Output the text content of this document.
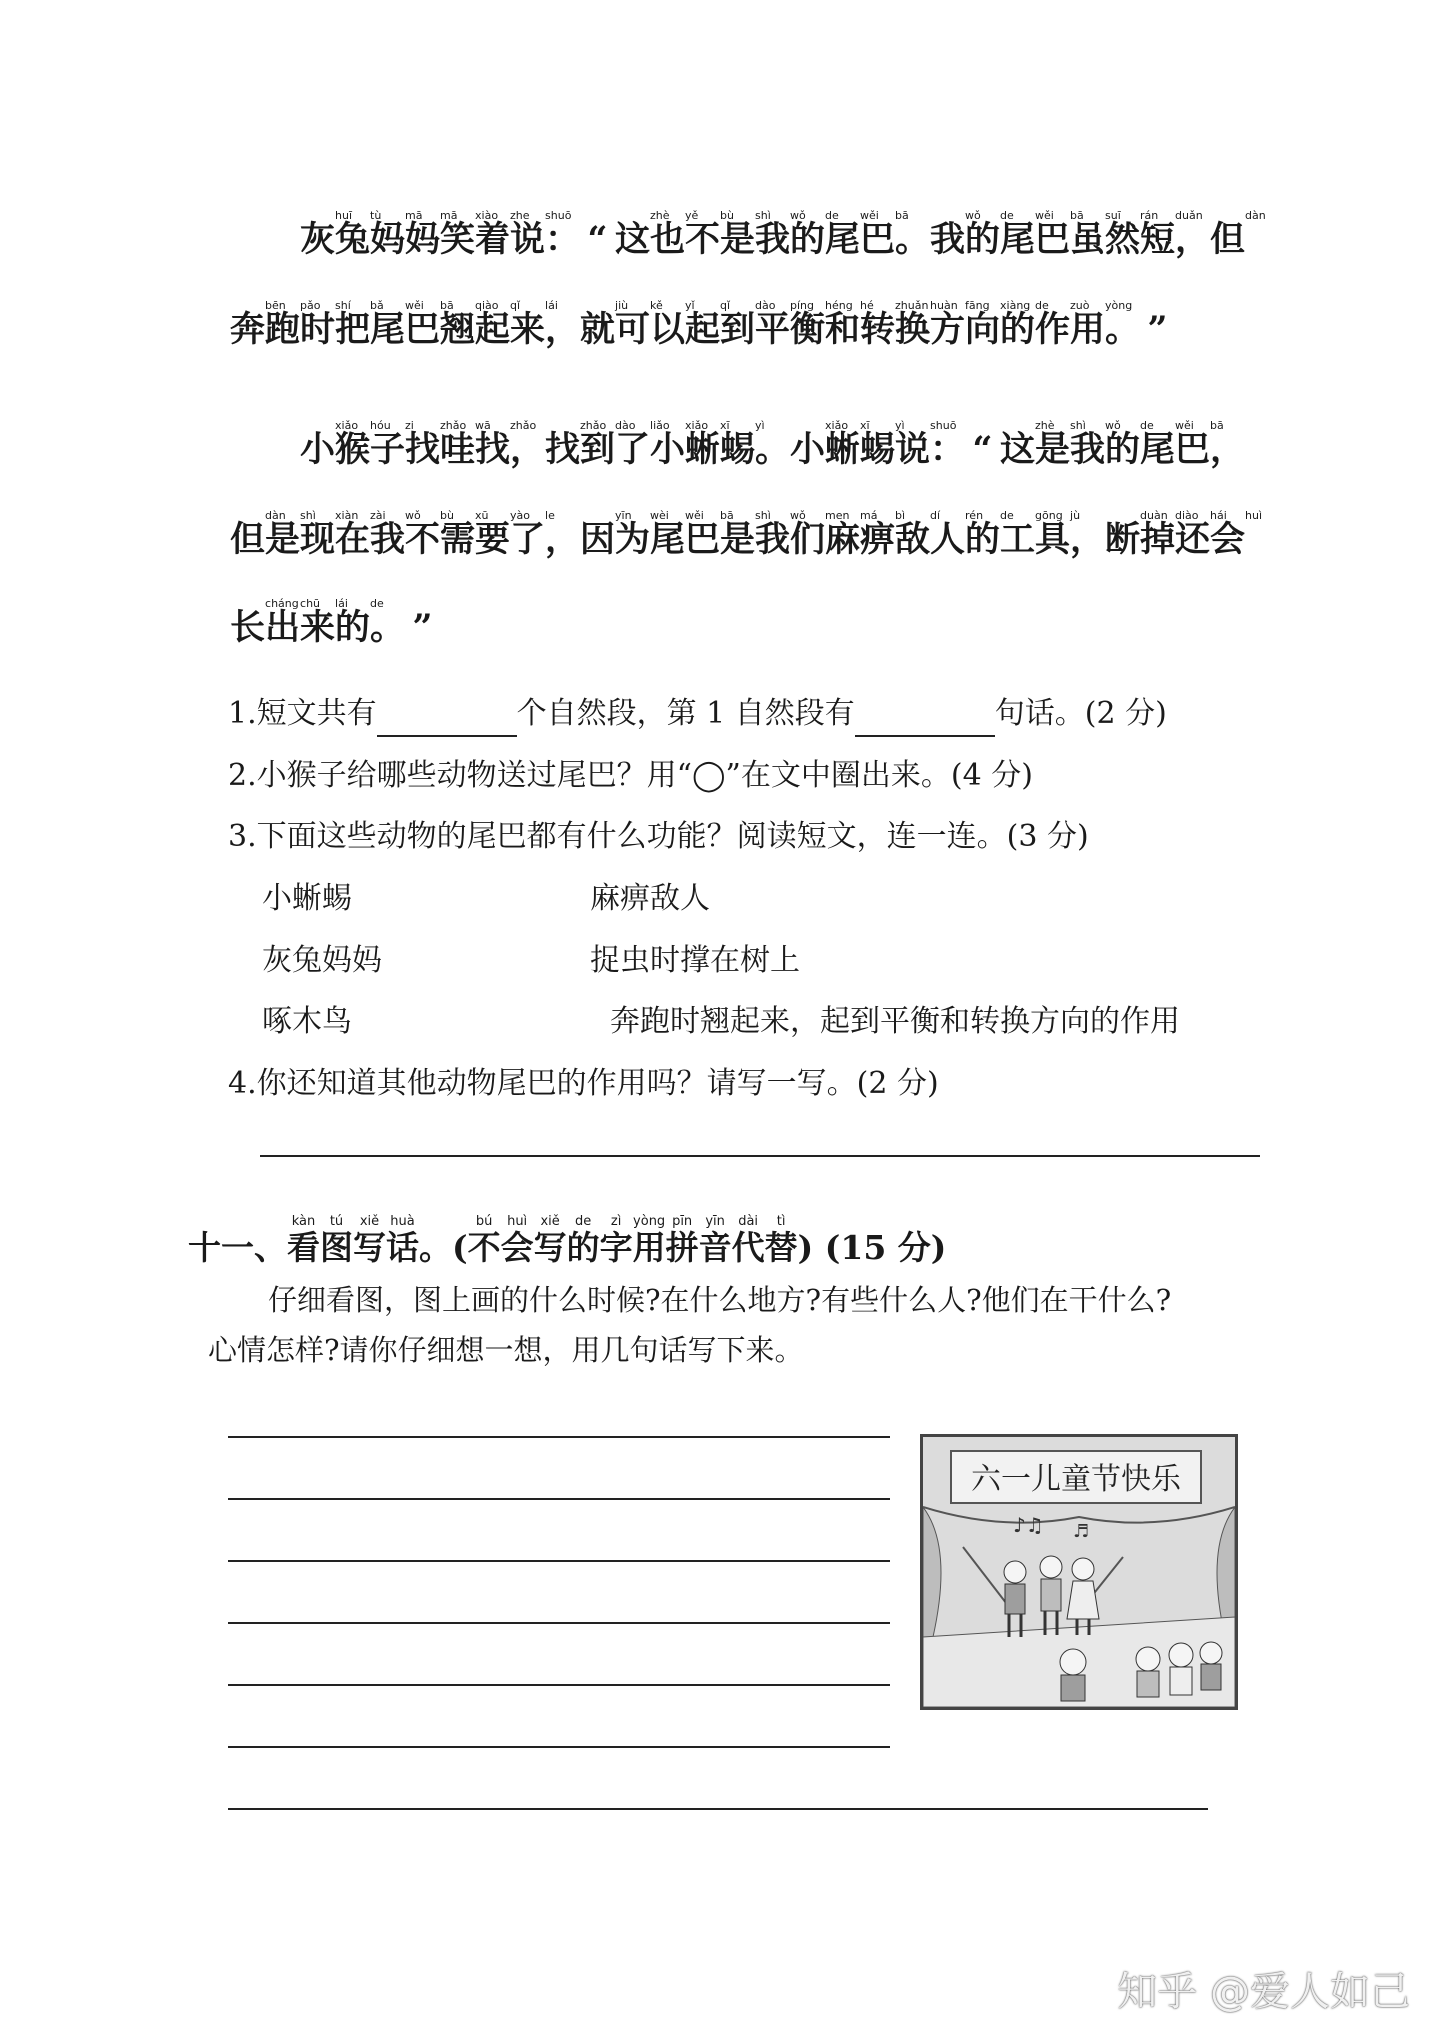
灰huī兔tù妈mā妈mā笑xiào着zhe说shuō： “ 这zhè也yě不bù是shì我wǒ的de尾wěi巴bā。我wǒ的de尾wěi巴bā虽suī然rán短duǎn，但dàn
奔bēn跑pǎo时shí把bǎ尾wěi巴bā翘qiào起qǐ来lái，就jiù可kě以yǐ起qǐ到dào平píng衡héng和hé转zhuǎn换huàn方fāng向xiàng的de作zuò用yòng。 ”
小xiǎo猴hóu子zi找zhǎo哇wā找zhǎo，找zhǎo到dào了liǎo小xiǎo蜥xī蜴yì。小xiǎo蜥xī蜴yì说shuō： “ 这zhè是shì我wǒ的de尾wěi巴bā，
但dàn是shì现xiàn在zài我wǒ不bù需xū要yào了le，因yīn为wèi尾wěi巴bā是shì我wǒ们men麻má痹bì敌dí人rén的de工gōng具jù，断duàn掉diào还hái会huì
长cháng出chū来lái的de。 ”
1.短文共有	个自然段，第 1 自然段有	句话。(2 分)
2.小猴子给哪些动物送过尾巴？用“◯”在文中圈出来。(4 分)
3.下面这些动物的尾巴都有什么功能？阅读短文，连一连。(3 分)
小蜥蜴
灰兔妈妈
啄木鸟
麻痹敌人
捉虫时撑在树上
奔跑时翘起来，起到平衡和转换方向的作用
4.你还知道其他动物尾巴的作用吗？请写一写。(2 分)
十一、看kàn图tú写xiě话huà。(不bú会huì写xiě的de字zì用yòng拼pīn音yīn代dài替tì) (15 分)
仔细看图，图上画的什么时候?在什么地方?有些什么人?他们在干什么?
心情怎样?请你仔细想一想，用几句话写下来。
六一儿童节快乐
♪♫ ♬
知乎 @爱人如己
